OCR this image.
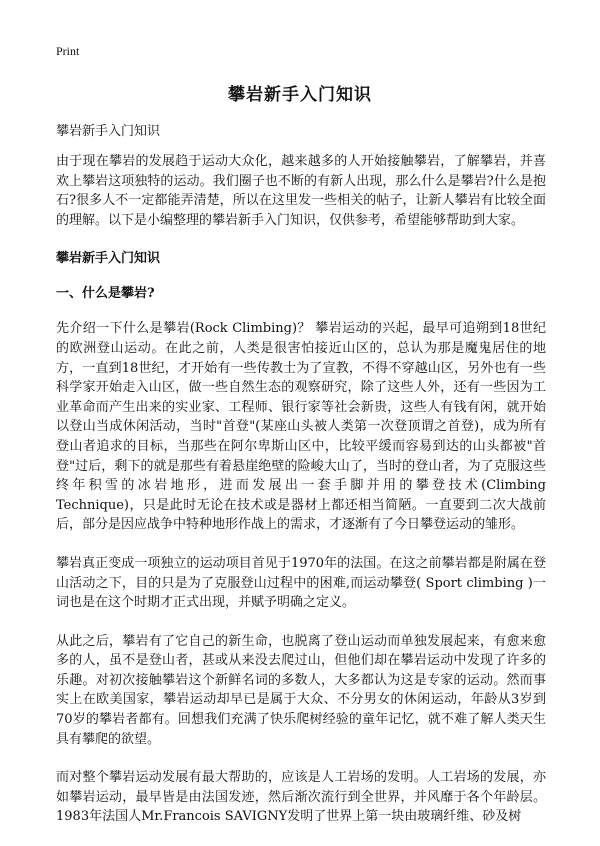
Print
攀岩新手入门知识

攀岩新手入门知识

由于现在攀岩的发展趋于运动大众化，越来越多的人开始接触攀岩，了解攀岩，并喜欢上攀岩这项独特的运动。我们圈子也不断的有新人出现，那么什么是攀岩?什么是抱石?很多人不一定都能弄清楚，所以在这里发一些相关的帖子，让新人攀岩有比较全面的理解。以下是小编整理的攀岩新手入门知识，仅供参考，希望能够帮助到大家。

攀岩新手入门知识
一、什么是攀岩?

先介绍一下什么是攀岩(Rock Climbing)？ 攀岩运动的兴起，最早可追朔到18世纪的欧洲登山运动。在此之前，人类是很害怕接近山区的，总认为那是魔鬼居住的地方，一直到18世纪，才开始有一些传教士为了宣教，不得不穿越山区，另外也有一些科学家开始走入山区，做一些自然生态的观察研究，除了这些人外，还有一些因为工业革命而产生出来的实业家、工程师、银行家等社会新贵，这些人有钱有闲，就开始以登山当成休闲活动，当时"首登"(某座山头被人类第一次登顶谓之首登)，成为所有登山者追求的目标，当那些在阿尔卑斯山区中，比较平缓而容易到达的山头都被"首登"过后，剩下的就是那些有着悬崖绝壁的险峻大山了，当时的登山者，为了克服这些终年积雪的冰岩地形，进而发展出一套手脚并用的攀登技术(Climbing Technique)，只是此时无论在技术或是器材上都还相当简陋。一直要到二次大战前后，部分是因应战争中特种地形作战上的需求，才逐渐有了今日攀登运动的雏形。

攀岩真正变成一项独立的运动项目首见于1970年的法国。在这之前攀岩都是附属在登山活动之下，目的只是为了克服登山过程中的困难,而运动攀登( Sport climbing )一词也是在这个时期才正式出现，并赋予明确之定义。

从此之后，攀岩有了它自己的新生命，也脱离了登山运动而单独发展起来，有愈来愈多的人，虽不是登山者，甚或从来没去爬过山，但他们却在攀岩运动中发现了许多的乐趣。对初次接触攀岩这个新鲜名词的多数人，大多都认为这是专家的运动。然而事实上在欧美国家，攀岩运动却早已是属于大众、不分男女的休闲运动，年龄从3岁到70岁的攀岩者都有。回想我们充满了快乐爬树经验的童年记忆，就不难了解人类天生具有攀爬的欲望。

而对整个攀岩运动发展有最大帮助的，应该是人工岩场的发明。人工岩场的发展，亦如攀岩运动，最早皆是由法国发迹，然后渐次流行到全世界，并风靡于各个年龄层。1983年法国人Mr.Francois SAVIGNY发明了世界上第一块由玻璃纤维、砂及树
